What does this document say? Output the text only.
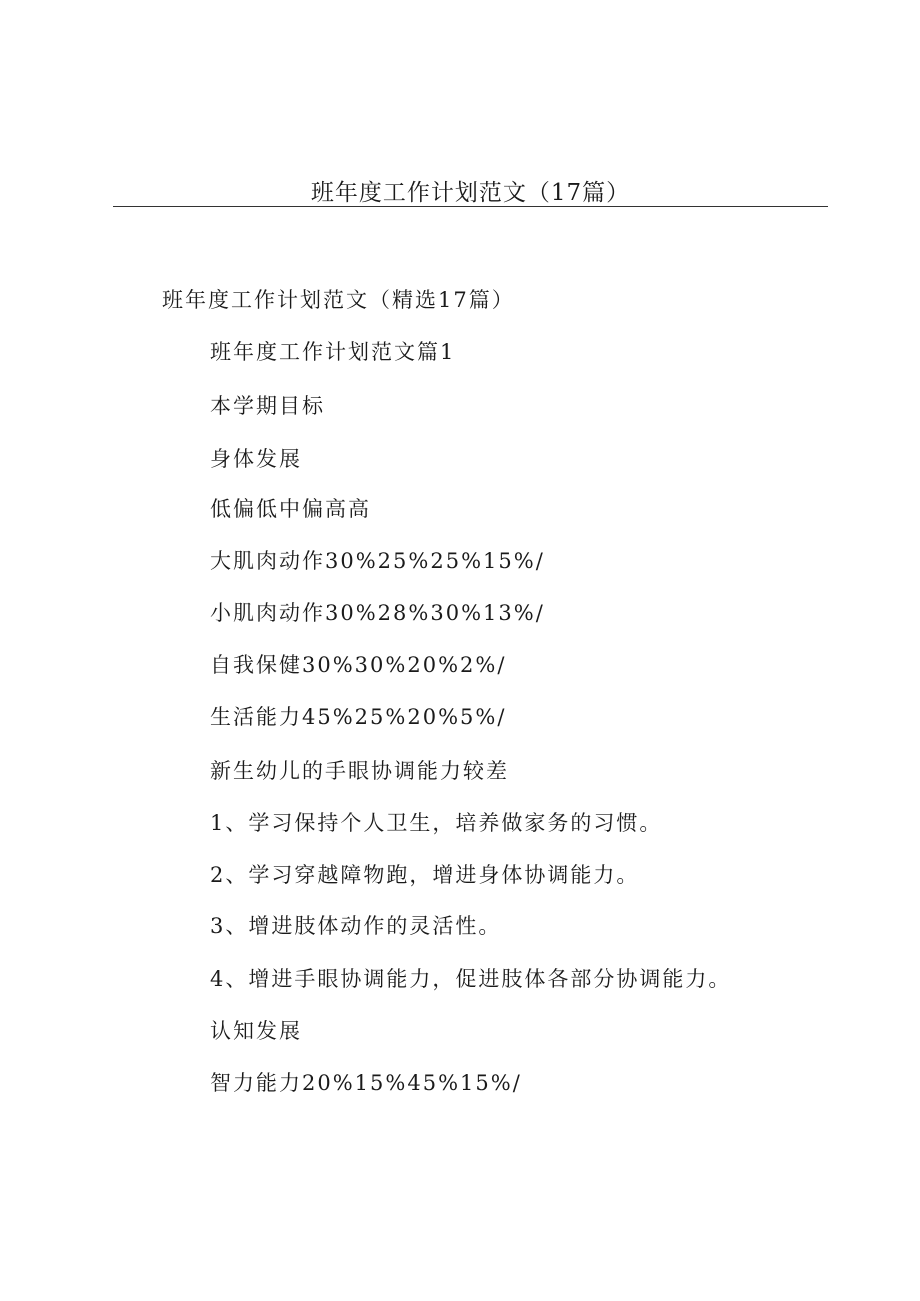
班年度工作计划范文（17篇）
班年度工作计划范文（精选17篇）
班年度工作计划范文篇1
本学期目标
身体发展
低偏低中偏高高
大肌肉动作30%25%25%15%/
小肌肉动作30%28%30%13%/
自我保健30%30%20%2%/
生活能力45%25%20%5%/
新生幼儿的手眼协调能力较差
1、学习保持个人卫生，培养做家务的习惯。
2、学习穿越障物跑，增进身体协调能力。
3、增进肢体动作的灵活性。
4、增进手眼协调能力，促进肢体各部分协调能力。
认知发展
智力能力20%15%45%15%/
